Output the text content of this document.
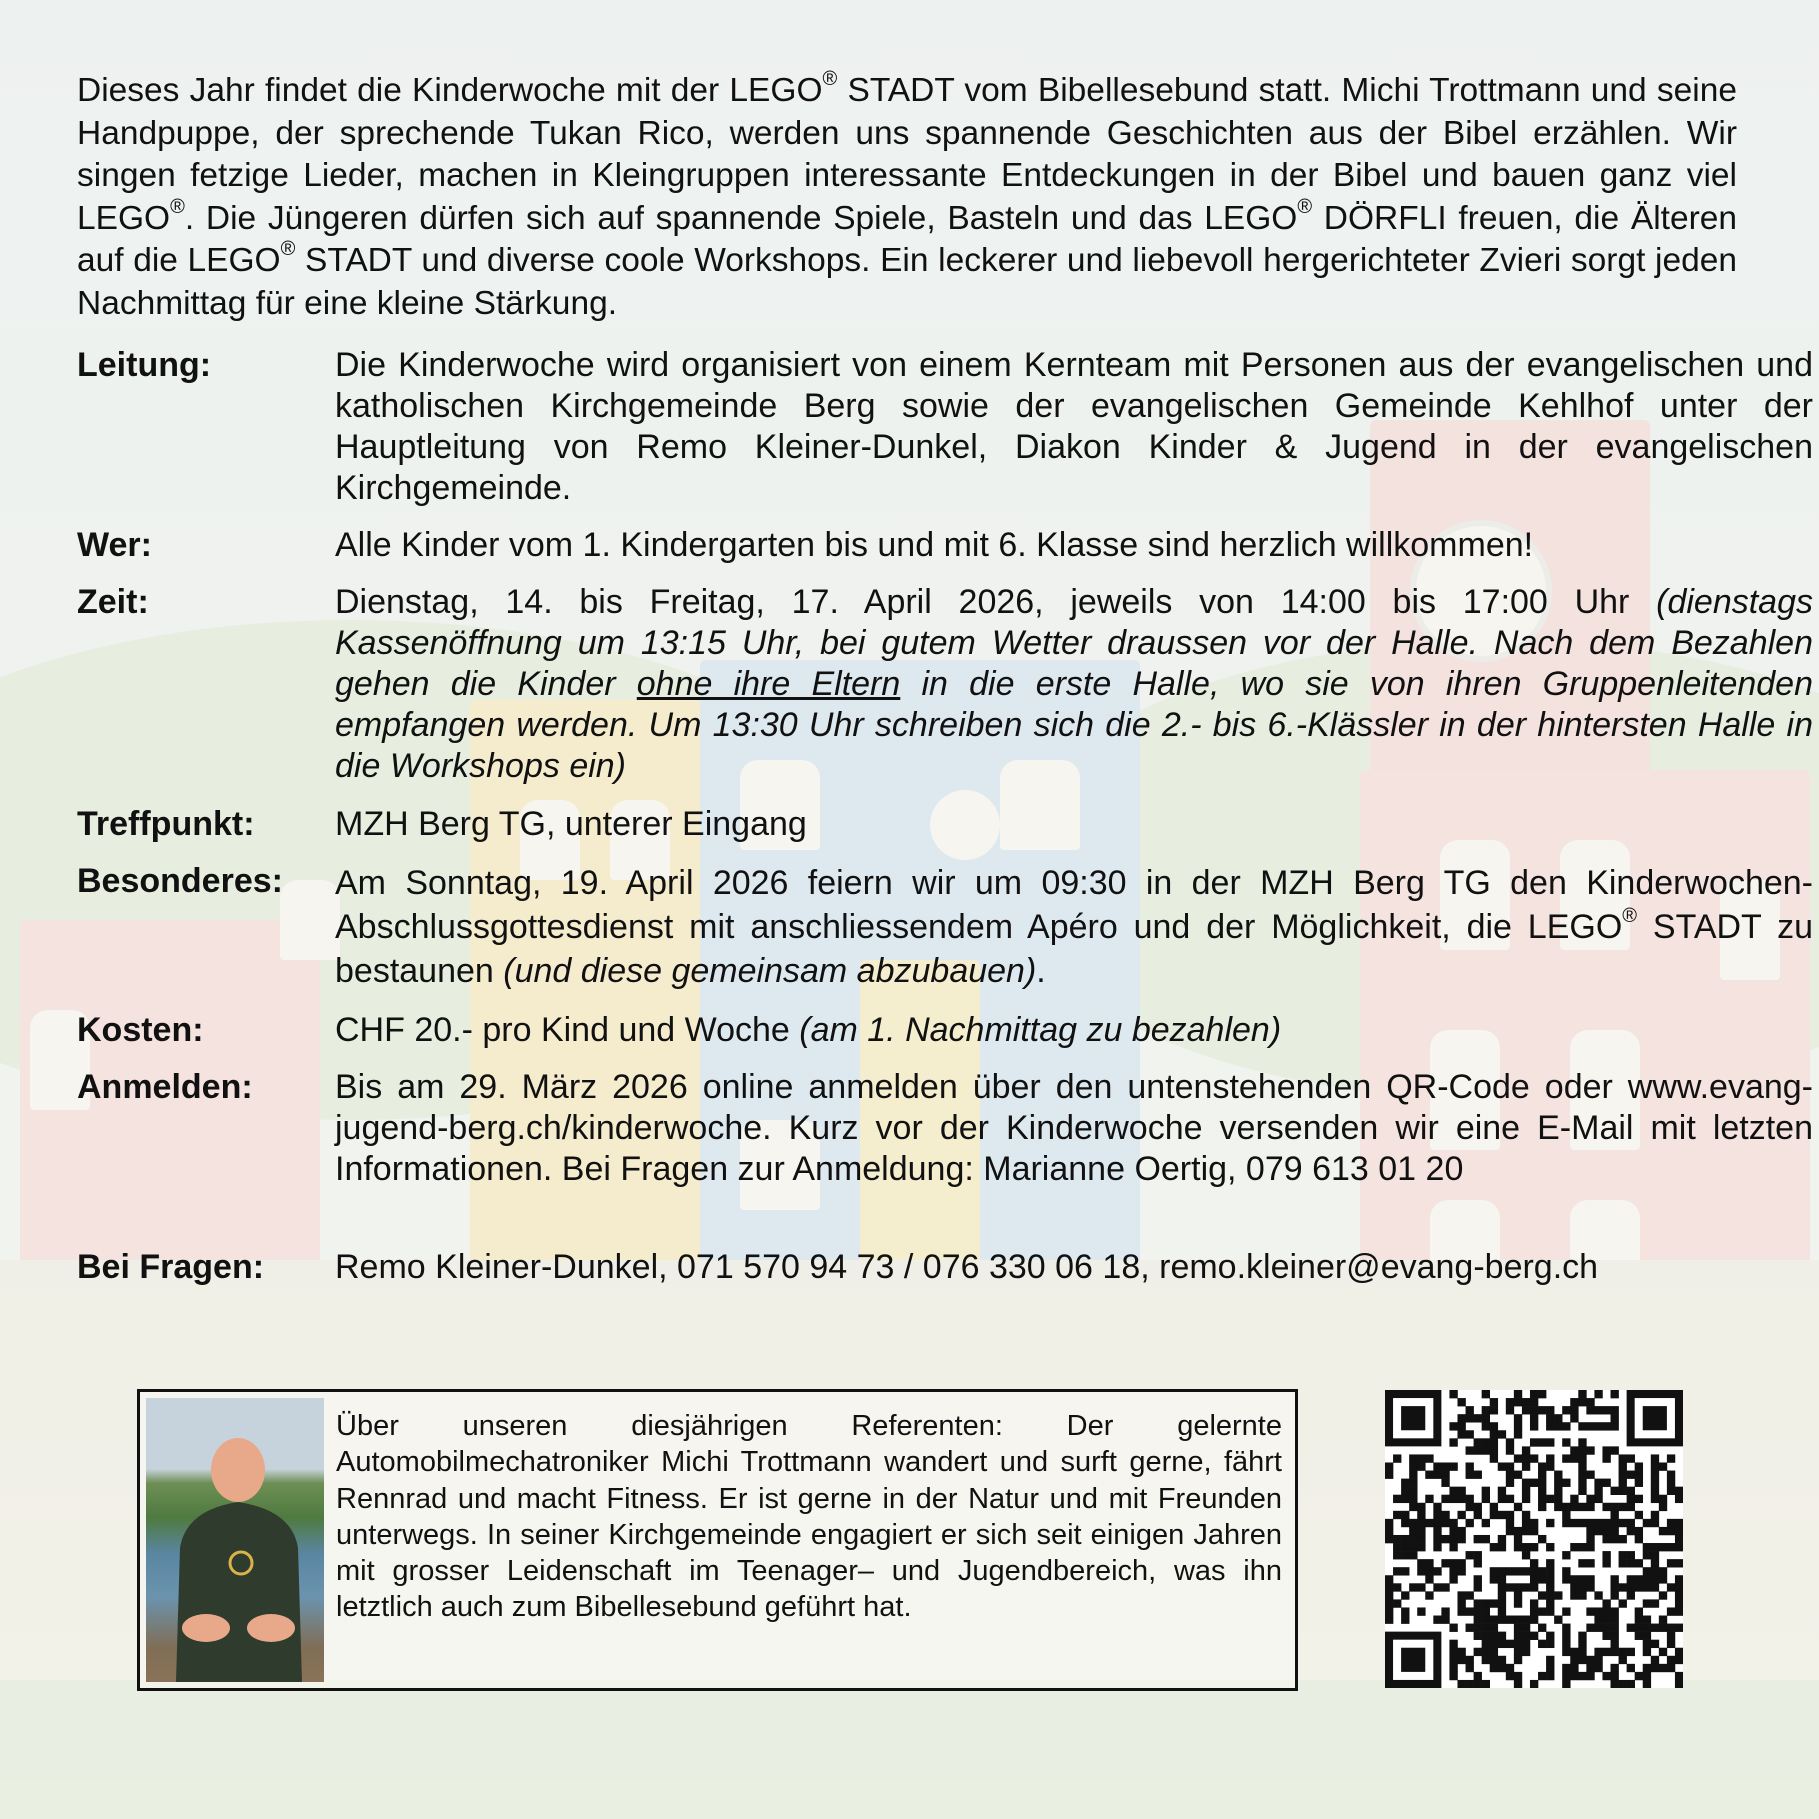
Dieses Jahr findet die Kinderwoche mit der LEGO® STADT vom Bibellesebund statt. Michi Trottmann und seine Handpuppe, der sprechende Tukan Rico, werden uns spannende Geschichten aus der Bibel erzählen. Wir singen fetzige Lieder, machen in Kleingruppen interessante Entdeckungen in der Bibel und bauen ganz viel LEGO®. Die Jüngeren dürfen sich auf spannende Spiele, Basteln und das LEGO® DÖRFLI freuen, die Älteren auf die LEGO® STADT und diverse coole Workshops. Ein leckerer und liebevoll hergerichteter Zvieri sorgt jeden Nachmittag für eine kleine Stärkung.

Leitung:	Die Kinderwoche wird organisiert von einem Kernteam mit Personen aus der evangelischen und katholischen Kirchgemeinde Berg sowie der evangelischen Gemeinde Kehlhof unter der Hauptleitung von Remo Kleiner-Dunkel, Diakon Kinder & Jugend in der evangelischen Kirchgemeinde.

Wer:	Alle Kinder vom 1. Kindergarten bis und mit 6. Klasse sind herzlich willkommen!

Zeit:	Dienstag, 14. bis Freitag, 17. April 2026, jeweils von 14:00 bis 17:00 Uhr (dienstags Kassenöffnung um 13:15 Uhr, bei gutem Wetter draussen vor der Halle. Nach dem Bezahlen gehen die Kinder ohne ihre Eltern in die erste Halle, wo sie von ihren Gruppenleitenden empfangen werden. Um 13:30 Uhr schreiben sich die 2.- bis 6.-Klässler in der hintersten Halle in die Workshops ein)

Treffpunkt: MZH Berg TG, unterer Eingang

Besonderes: Am Sonntag, 19. April 2026 feiern wir um 09:30 in der MZH Berg TG den Kinderwochen-Abschlussgottesdienst mit anschliessendem Apéro und der Möglichkeit, die LEGO® STADT zu bestaunen (und diese gemeinsam abzubauen).

Kosten:	CHF 20.- pro Kind und Woche (am 1. Nachmittag zu bezahlen)

Anmelden: Bis am 29. März 2026 online anmelden über den untenstehenden QR-Code oder www.evang-jugend-berg.ch/kinderwoche. Kurz vor der Kinderwoche versenden wir eine E-Mail mit letzten Informationen. Bei Fragen zur Anmeldung: Marianne Oertig, 079 613 01 20

Bei Fragen: Remo Kleiner-Dunkel, 071 570 94 73 / 076 330 06 18, remo.kleiner@evang-berg.ch

Über unseren diesjährigen Referenten: Der gelernte Automobilmechatroniker Michi Trottmann wandert und surft gerne, fährt Rennrad und macht Fitness. Er ist gerne in der Natur und mit Freunden unterwegs. In seiner Kirchgemeinde engagiert er sich seit einigen Jahren mit grosser Leidenschaft im Teenager– und Jugendbereich, was ihn letztlich auch zum Bibellesebund geführt hat.
